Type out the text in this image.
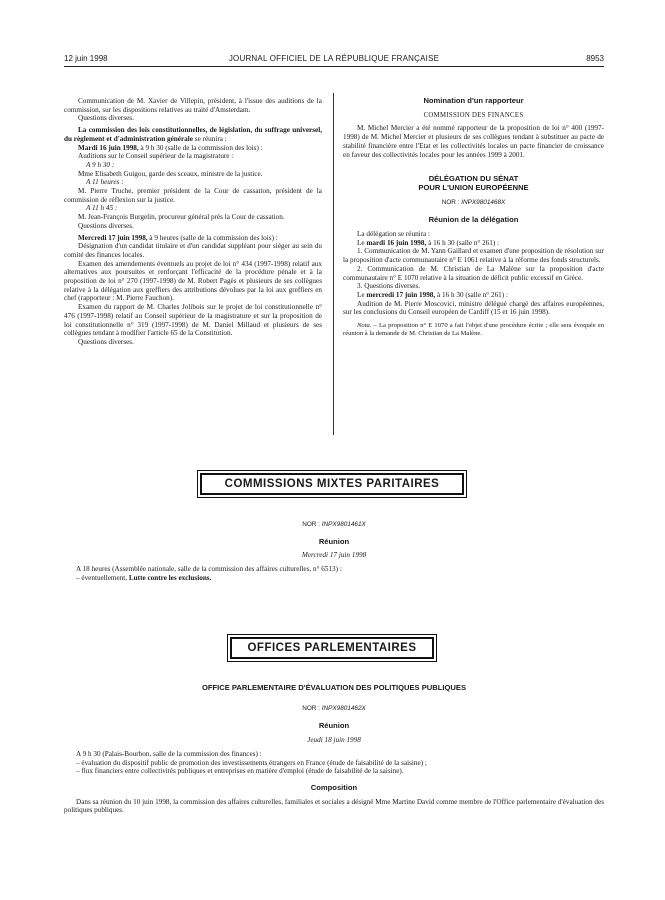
12 juin 1998	JOURNAL OFFICIEL DE LA RÉPUBLIQUE FRANÇAISE	8953

Communication de M. Xavier de Villepin, président, à l'issue des auditions de la commission, sur les dispositions relatives au traité d'Amsterdam.

Questions diverses.

La commission des lois constitutionnelles, de législation, du suffrage universel, du règlement et d'administration générale se réunira :

Mardi 16 juin 1998, à 9 h 30 (salle de la commission des lois) :

Auditions sur le Conseil supérieur de la magistrature :

A 9 h 30 :

Mme Elisabeth Guigou, garde des sceaux, ministre de la justice.

A 11 heures :

M. Pierre Truche, premier président de la Cour de cassation, président de la commission de réflexion sur la justice.

A 11 h 45 :

M. Jean-François Burgelin, procureur général près la Cour de cassation.

Questions diverses.

Mercredi 17 juin 1998, à 9 heures (salle de la commission des lois) :

Désignation d'un candidat titulaire et d'un candidat suppléant pour siéger au sein du comité des finances locales.

Examen des amendements éventuels au projet de loi n° 434 (1997-1998) relatif aux alternatives aux poursuites et renforçant l'efficacité de la procédure pénale et à la proposition de loi n° 270 (1997-1998) de M. Robert Pagès et plusieurs de ses collègues relative à la délégation aux greffiers des attributions dévolues par la loi aux greffiers en chef (rapporteur : M. Pierre Fauchon).

Examen du rapport de M. Charles Jolibois sur le projet de loi constitutionnelle n° 476 (1997-1998) relatif au Conseil supérieur de la magistrature et sur la proposition de loi constitutionnelle n° 319 (1997-1998) de M. Daniel Millaud et plusieurs de ses collègues tendant à modifier l'article 65 de la Constitution.

Questions diverses.

Nomination d'un rapporteur

COMMISSION DES FINANCES

M. Michel Mercier a été nommé rapporteur de la proposition de loi n° 400 (1997-1998) de M. Michel Mercier et plusieurs de ses collègues tendant à substituer au pacte de stabilité financière entre l'Etat et les collectivités locales un pacte financier de croissance en faveur des collectivités locales pour les années 1999 à 2001.

DÉLÉGATION DU SÉNAT

POUR L'UNION EUROPÉENNE

NOR : INPX9801468X

Réunion de la délégation

La délégation se réunira :

Le mardi 16 juin 1998, à 16 h 30 (salle n° 261) :

1. Communication de M. Yann Gaillard et examen d'une proposition de résolution sur la proposition d'acte communautaire n° E 1061 relative à la réforme des fonds structurels.

2. Communication de M. Christian de La Malène sur la proposition d'acte communautaire n° E 1070 relative à la situation de déficit public excessif en Grèce.

3. Questions diverses.

Le mercredi 17 juin 1998, à 16 h 30 (salle n° 261) :

Audition de M. Pierre Moscovici, ministre délégué chargé des affaires européennes, sur les conclusions du Conseil européen de Cardiff (15 et 16 juin 1998).

Nota. – La proposition n° E 1070 a fait l'objet d'une procédure écrite ; elle sera évoquée en réunion à la demande de M. Christian de La Malène.

COMMISSIONS MIXTES PARITAIRES

NOR : INPX9801461X

Réunion

Mercredi 17 juin 1998

A 18 heures (Assemblée nationale, salle de la commission des affaires culturelles, n° 6513) :

– éventuellement, Lutte contre les exclusions.

OFFICES PARLEMENTAIRES

OFFICE PARLEMENTAIRE D'ÉVALUATION DES POLITIQUES PUBLIQUES

NOR : INPX9801462X

Réunion

Jeudi 18 juin 1998

A 9 h 30 (Palais-Bourbon, salle de la commission des finances) :

– évaluation du dispositif public de promotion des investissements étrangers en France (étude de faisabilité de la saisine) ;

– flux financiers entre collectivités publiques et entreprises en matière d'emploi (étude de faisabilité de la saisine).

Composition

Dans sa réunion du 10 juin 1998, la commission des affaires culturelles, familiales et sociales a désigné Mme Martine David comme membre de l'Office parlementaire d'évaluation des politiques publiques.
